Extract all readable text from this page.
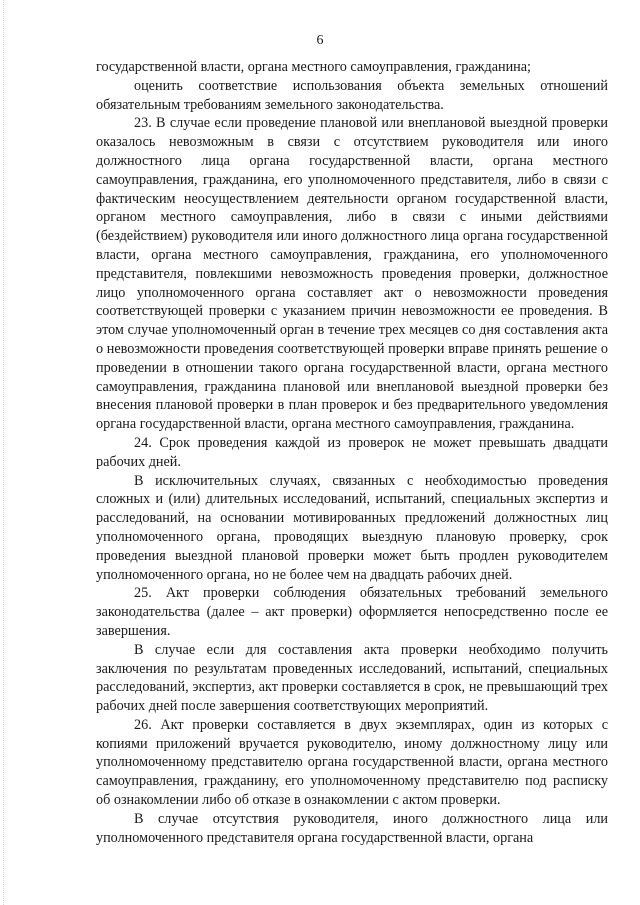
6

государственной власти, органа местного самоуправления, гражданина;

оценить соответствие использования объекта земельных отношений обязательным требованиям земельного законодательства.

23. В случае если проведение плановой или внеплановой выездной проверки оказалось невозможным в связи с отсутствием руководителя или иного должностного лица органа государственной власти, органа местного самоуправления, гражданина, его уполномоченного представителя, либо в связи с фактическим неосуществлением деятельности органом государственной власти, органом местного самоуправления, либо в связи с иными действиями (бездействием) руководителя или иного должностного лица органа государственной власти, органа местного самоуправления, гражданина, его уполномоченного представителя, повлекшими невозможность проведения проверки, должностное лицо уполномоченного органа составляет акт о невозможности проведения соответствующей проверки с указанием причин невозможности ее проведения. В этом случае уполномоченный орган в течение трех месяцев со дня составления акта о невозможности проведения соответствующей проверки вправе принять решение о проведении в отношении такого органа государственной власти, органа местного самоуправления, гражданина плановой или внеплановой выездной проверки без внесения плановой проверки в план проверок и без предварительного уведомления органа государственной власти, органа местного самоуправления, гражданина.

24. Срок проведения каждой из проверок не может превышать двадцати рабочих дней.

В исключительных случаях, связанных с необходимостью проведения сложных и (или) длительных исследований, испытаний, специальных экспертиз и расследований, на основании мотивированных предложений должностных лиц уполномоченного органа, проводящих выездную плановую проверку, срок проведения выездной плановой проверки может быть продлен руководителем уполномоченного органа, но не более чем на двадцать рабочих дней.

25. Акт проверки соблюдения обязательных требований земельного законодательства (далее – акт проверки) оформляется непосредственно после ее завершения.

В случае если для составления акта проверки необходимо получить заключения по результатам проведенных исследований, испытаний, специальных расследований, экспертиз, акт проверки составляется в срок, не превышающий трех рабочих дней после завершения соответствующих мероприятий.

26. Акт проверки составляется в двух экземплярах, один из которых с копиями приложений вручается руководителю, иному должностному лицу или уполномоченному представителю органа государственной власти, органа местного самоуправления, гражданину, его уполномоченному представителю под расписку об ознакомлении либо об отказе в ознакомлении с актом проверки.

В случае отсутствия руководителя, иного должностного лица или уполномоченного представителя органа государственной власти, органа
